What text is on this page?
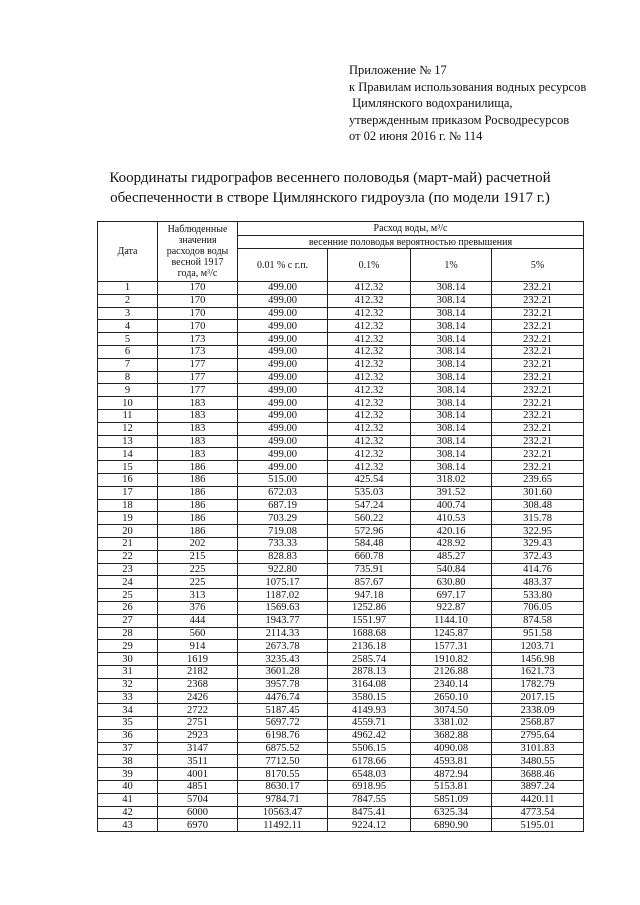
Приложение № 17
к Правилам использования водных ресурсов
Цимлянского водохранилища,
утвержденным приказом Росводресурсов
от 02 июня 2016 г. № 114
Координаты гидрографов весеннего половодья (март-май) расчетной
обеспеченности в створе Цимлянского гидроузла (по модели 1917 г.)
Дата	Наблюденные значения расходов воды весной 1917 года, м³/с	Расход воды, м³/с			
		весенние половодья вероятностью превышения			
		0.01 % с г.п.	0.1%	1%	5%
1	170	499.00	412.32	308.14	232.21
2	170	499.00	412.32	308.14	232.21
3	170	499.00	412.32	308.14	232.21
4	170	499.00	412.32	308.14	232.21
5	173	499.00	412.32	308.14	232.21
6	173	499.00	412.32	308.14	232.21
7	177	499.00	412.32	308.14	232.21
8	177	499.00	412.32	308.14	232.21
9	177	499.00	412.32	308.14	232.21
10	183	499.00	412.32	308.14	232.21
11	183	499.00	412.32	308.14	232.21
12	183	499.00	412.32	308.14	232.21
13	183	499.00	412.32	308.14	232.21
14	183	499.00	412.32	308.14	232.21
15	186	499.00	412.32	308.14	232.21
16	186	515.00	425.54	318.02	239.65
17	186	672.03	535.03	391.52	301.60
18	186	687.19	547.24	400.74	308.48
19	186	703.29	560.22	410.53	315.78
20	186	719.08	572.96	420.16	322.95
21	202	733.33	584.48	428.92	329.43
22	215	828.83	660.78	485.27	372.43
23	225	922.80	735.91	540.84	414.76
24	225	1075.17	857.67	630.80	483.37
25	313	1187.02	947.18	697.17	533.80
26	376	1569.63	1252.86	922.87	706.05
27	444	1943.77	1551.97	1144.10	874.58
28	560	2114.33	1688.68	1245.87	951.58
29	914	2673.78	2136.18	1577.31	1203.71
30	1619	3235.43	2585.74	1910.82	1456.98
31	2182	3601.28	2878.13	2126.88	1621.73
32	2368	3957.78	3164.08	2340.14	1782.79
33	2426	4476.74	3580.15	2650.10	2017.15
34	2722	5187.45	4149.93	3074.50	2338.09
35	2751	5697.72	4559.71	3381.02	2568.87
36	2923	6198.76	4962.42	3682.88	2795.64
37	3147	6875.52	5506.15	4090.08	3101.83
38	3511	7712.50	6178.66	4593.81	3480.55
39	4001	8170.55	6548.03	4872.94	3688.46
40	4851	8630.17	6918.95	5153.81	3897.24
41	5704	9784.71	7847.55	5851.09	4420.11
42	6000	10563.47	8475.41	6325.34	4773.54
43	6970	11492.11	9224.12	6890.90	5195.01
